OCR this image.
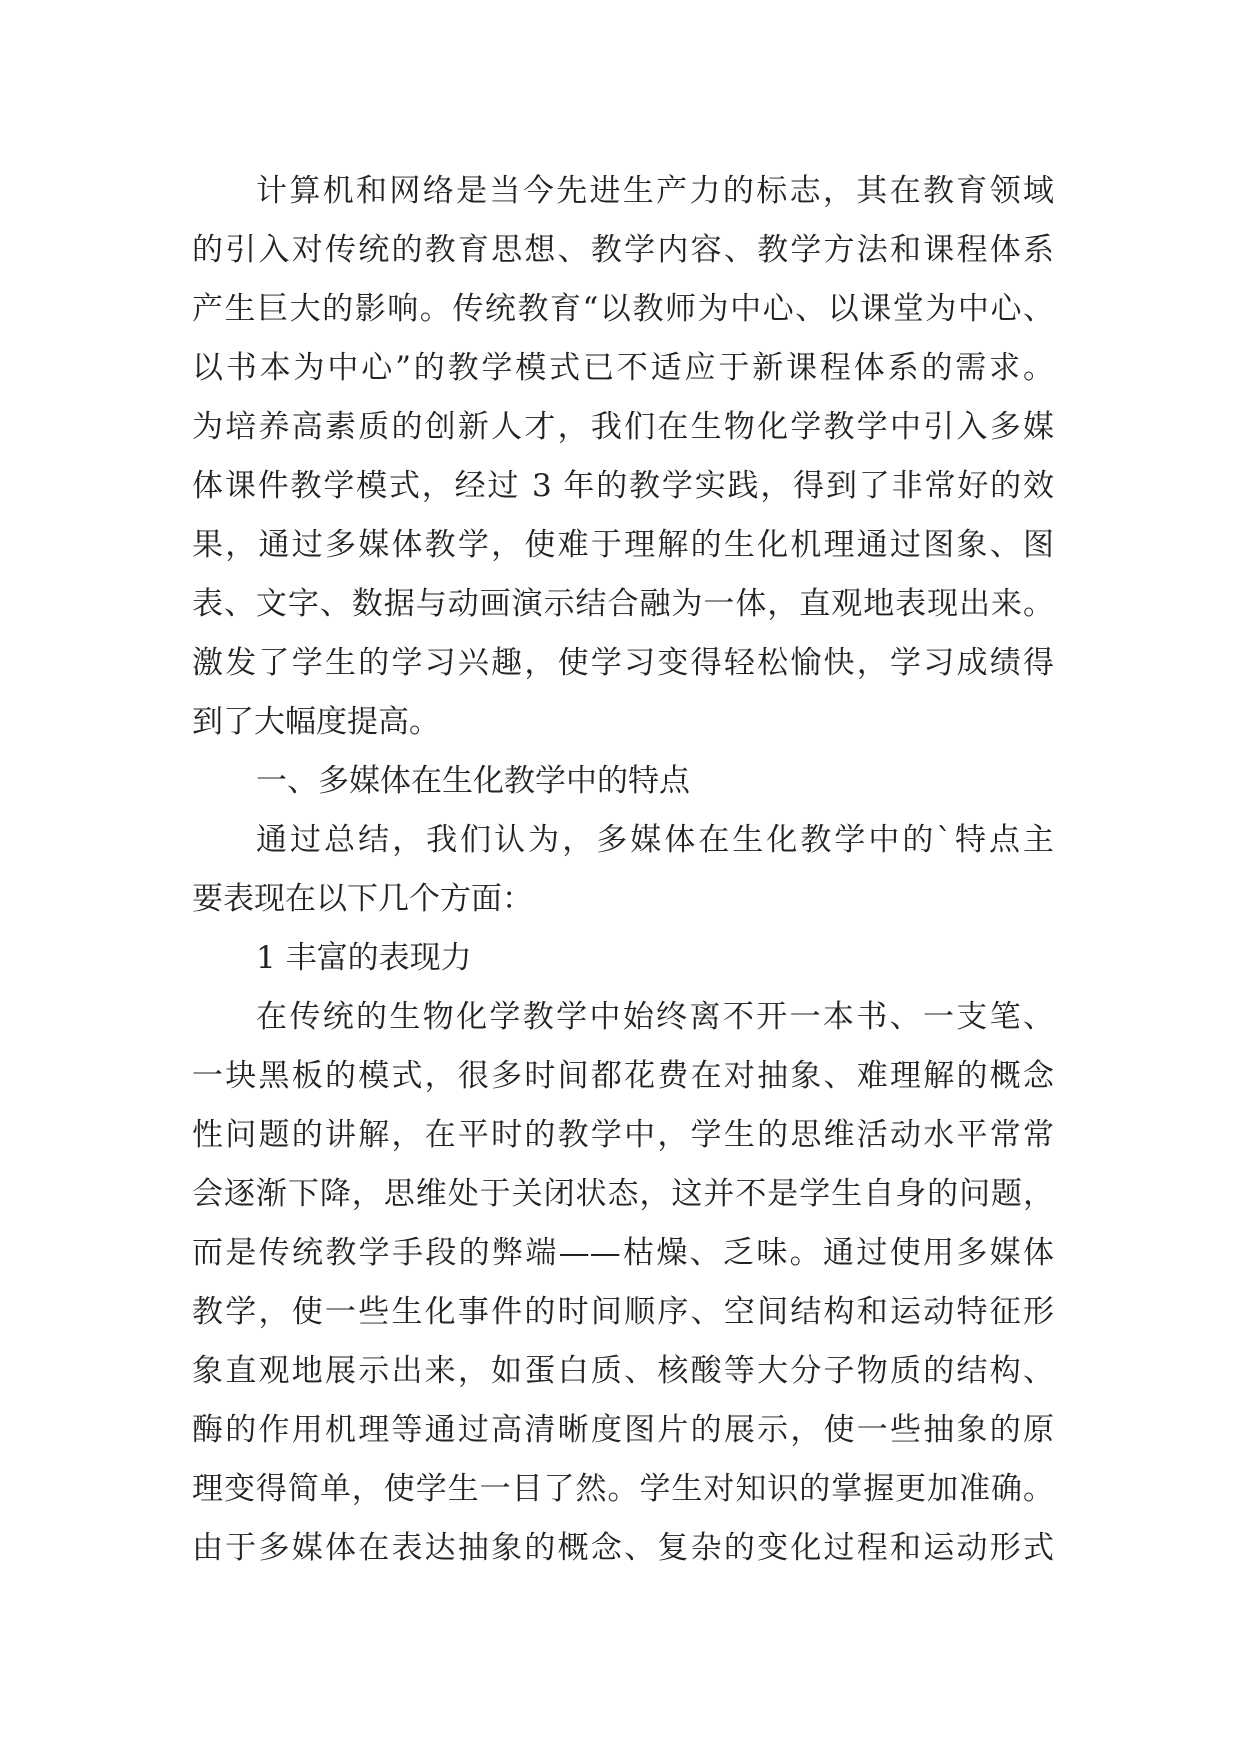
计算机和网络是当今先进生产力的标志，其在教育领域
的引入对传统的教育思想、教学内容、教学方法和课程体系
产生巨大的影响。传统教育“以教师为中心、以课堂为中心、
以书本为中心”的教学模式已不适应于新课程体系的需求。
为培养高素质的创新人才，我们在生物化学教学中引入多媒
体课件教学模式，经过 3 年的教学实践，得到了非常好的效
果，通过多媒体教学，使难于理解的生化机理通过图象、图
表、文字、数据与动画演示结合融为一体，直观地表现出来。
激发了学生的学习兴趣，使学习变得轻松愉快，学习成绩得
到了大幅度提高。
一、多媒体在生化教学中的特点
通过总结，我们认为，多媒体在生化教学中的`特点主
要表现在以下几个方面：
1 丰富的表现力
在传统的生物化学教学中始终离不开一本书、一支笔、
一块黑板的模式，很多时间都花费在对抽象、难理解的概念
性问题的讲解，在平时的教学中，学生的思维活动水平常常
会逐渐下降，思维处于关闭状态，这并不是学生自身的问题，
而是传统教学手段的弊端——枯燥、乏味。通过使用多媒体
教学，使一些生化事件的时间顺序、空间结构和运动特征形
象直观地展示出来，如蛋白质、核酸等大分子物质的结构、
酶的作用机理等通过高清晰度图片的展示，使一些抽象的原
理变得简单，使学生一目了然。学生对知识的掌握更加准确。
由于多媒体在表达抽象的概念、复杂的变化过程和运动形式
